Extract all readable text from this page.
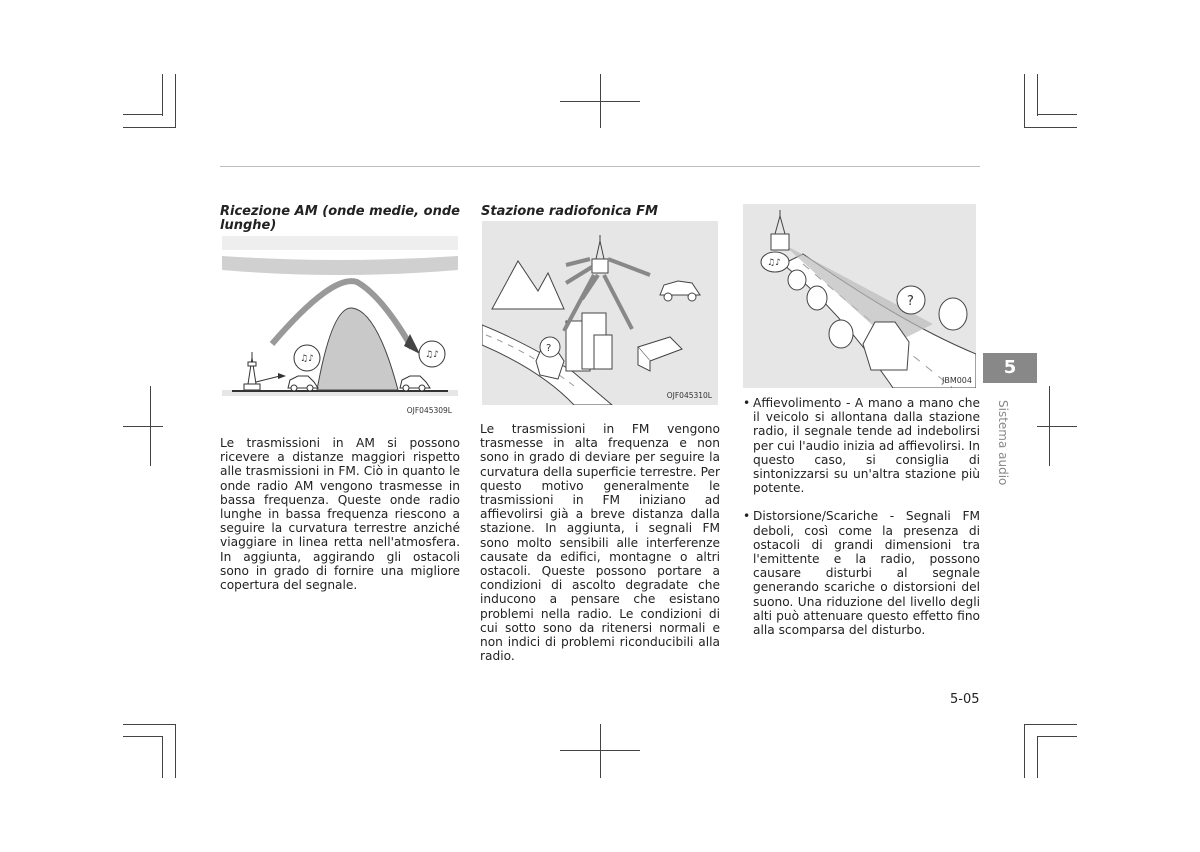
Ricezione AM (onde medie, onde lunghe)
♫♪	♫♪
OJF045309L
Le trasmissioni in AM si possono ricevere a distanze maggiori rispetto alle trasmissioni in FM. Ciò in quanto le onde radio AM vengono trasmesse in bassa frequenza. Queste onde radio lunghe in bassa frequenza riescono a seguire la curvatura terrestre anziché viaggiare in linea retta nell'atmosfera. In aggiunta, aggirando gli ostacoli sono in grado di fornire una migliore copertura del segnale.
Stazione radiofonica FM
?
OJF045310L
Le trasmissioni in FM vengono trasmesse in alta frequenza e non sono in grado di deviare per seguire la curvatura della superficie terrestre. Per questo motivo generalmente le trasmissioni in FM iniziano ad affievolirsi già a breve distanza dalla stazione. In aggiunta, i segnali FM sono molto sensibili alle interferenze causate da edifici, montagne o altri ostacoli. Queste possono portare a condizioni di ascolto degradate che inducono a pensare che esistano problemi nella radio. Le condizioni di cui sotto sono da ritenersi normali e non indici di problemi riconducibili alla radio.
?
♫♪
JBM004
• Affievolimento - A mano a mano che il veicolo si allontana dalla stazione radio, il segnale tende ad indebolirsi per cui l'audio inizia ad affievolirsi. In questo caso, si consiglia di sintonizzarsi su un'altra stazione più potente.
• Distorsione/Scariche - Segnali FM deboli, così come la presenza di ostacoli di grandi dimensioni tra l'emittente e la radio, possono causare disturbi al segnale generando scariche o distorsioni del suono. Una riduzione del livello degli alti può attenuare questo effetto fino alla scomparsa del disturbo.
5
Sistema audio
5-05
